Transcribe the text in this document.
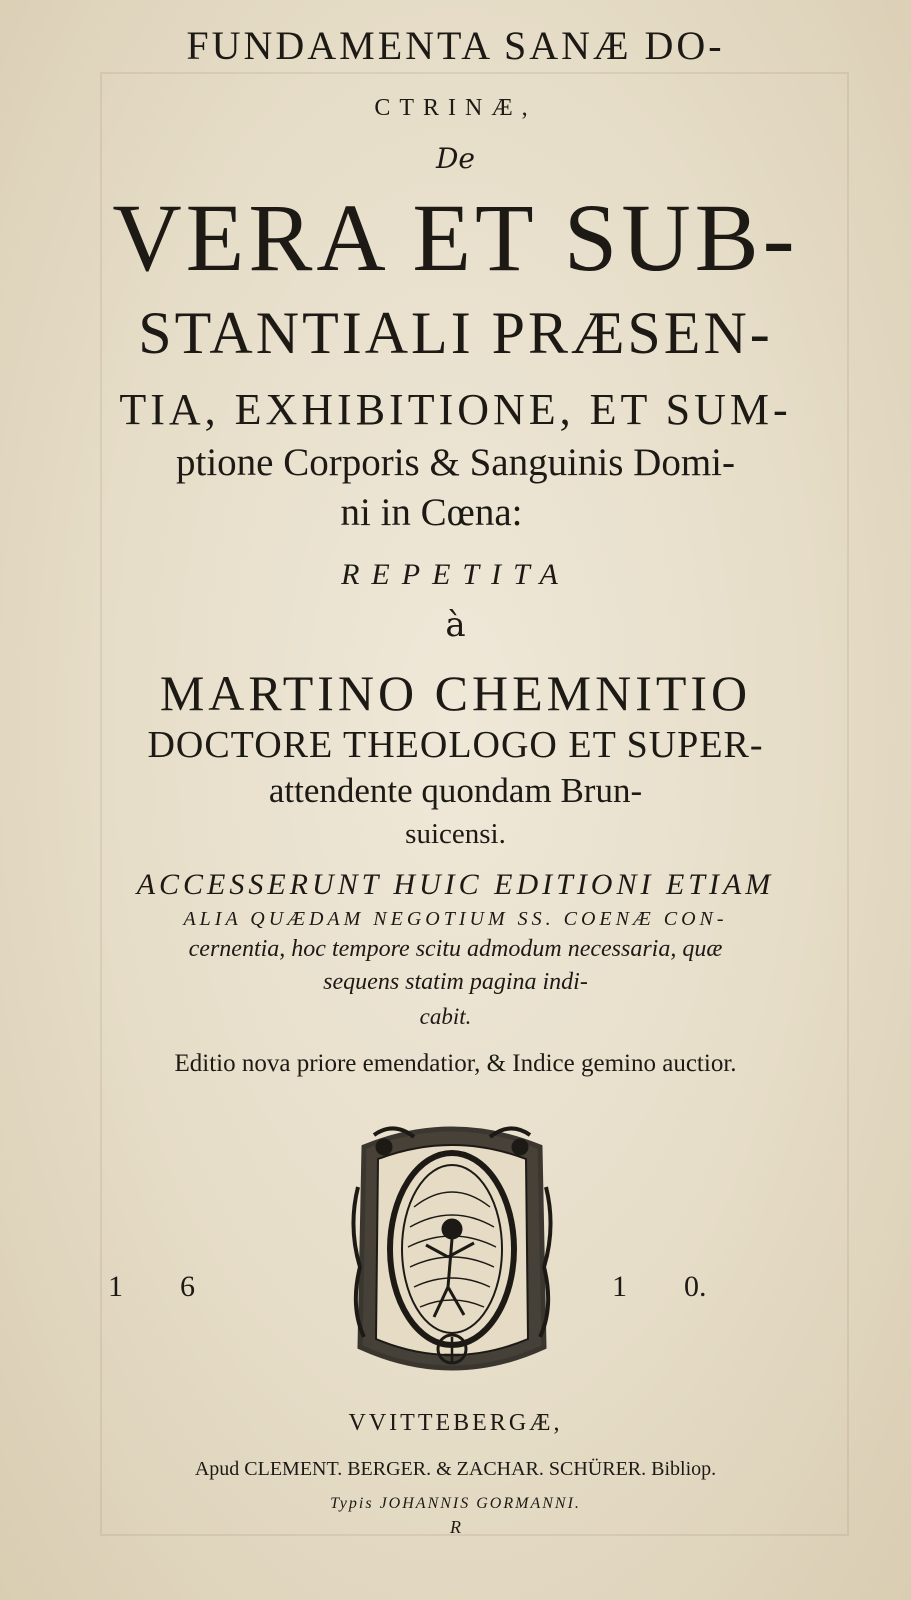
FUNDAMENTA SANÆ DO-
CTRINÆ,
De
VERA ET SUB-
STANTIALI PRÆSEN-
TIA, EXHIBITIONE, ET SUM-
ptione Corporis & Sanguinis Domi-
ni in Cœna:
REPETITA
à
MARTINO CHEMNITIO
DOCTORE THEOLOGO ET SUPER-
attendente quondam Brun-
suicensi.
ACCESSERUNT HUIC EDITIONI ETIAM
ALIA QUÆDAM NEGOTIUM SS. COENÆ CON-
cernentia, hoc tempore scitu admodum necessaria, quæ
sequens statim pagina indi-
cabit.
Editio nova priore emendatior, & Indice gemino auctior.
1 6	1 0.
VVITTEBERGÆ,
Apud CLEMENT. BERGER. & ZACHAR. SCHÜRER. Bibliop.
Typis JOHANNIS GORMANNI.
R
